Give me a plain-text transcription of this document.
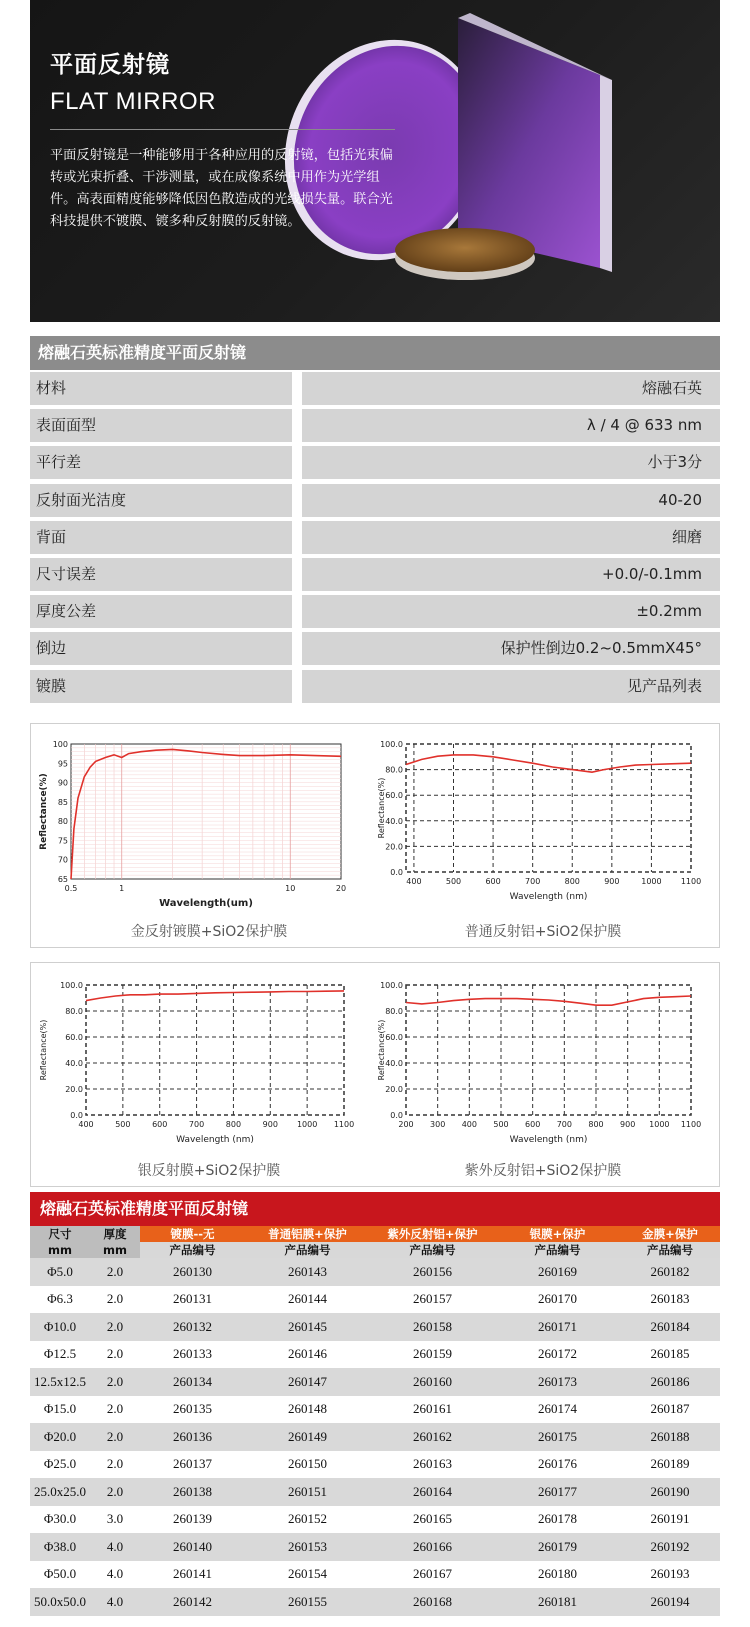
平面反射镜
FLAT MIRROR
平面反射镜是一种能够用于各种应用的反射镜，包括光束偏转或光束折叠、干涉测量，或在成像系统中用作为光学组件。高表面精度能够降低因色散造成的光线损失量。联合光科技提供不镀膜、镀多种反射膜的反射镜。
熔融石英标准精度平面反射镜
材料	熔融石英
表面面型	λ / 4 @ 633 nm
平行差	小于3分
反射面光洁度	40-20
背面	细磨
尺寸误差	+0.0/-0.1mm
厚度公差	±0.2mm
倒边	保护性倒边0.2~0.5mmX45°
镀膜	见产品列表
0.5	1	10	20
65
70
75
80
85
90
95
100
Wavelength(um)
Reflectance(%)
金反射镀膜+SiO2保护膜
400	500	600	700	800	900	1000 1100
0.0
20.0
40.0
60.0
80.0
100.0
Wavelength (nm)
Reflectance(%)
普通反射铝+SiO2保护膜
400	500	600	700	800	900 1000 1100
0.0
20.0
40.0
60.0
80.0
100.0
Wavelength (nm)
Reflectance(%)
银反射膜+SiO2保护膜
200 300 400 500 600 700 800 900 1000 1100
0.0
20.0
40.0
60.0
80.0
100.0
Wavelength (nm)
Reflectance(%)
紫外反射铝+SiO2保护膜
熔融石英标准精度平面反射镜
尺寸	厚度	镀膜--无	普通铝膜+保护	紫外反射铝+保护	银膜+保护	金膜+保护
mm	mm	产品编号	产品编号	产品编号	产品编号	产品编号
Φ5.0	2.0	260130	260143	260156	260169	260182
Φ6.3	2.0	260131	260144	260157	260170	260183
Φ10.0	2.0	260132	260145	260158	260171	260184
Φ12.5	2.0	260133	260146	260159	260172	260185
12.5x12.5	2.0	260134	260147	260160	260173	260186
Φ15.0	2.0	260135	260148	260161	260174	260187
Φ20.0	2.0	260136	260149	260162	260175	260188
Φ25.0	2.0	260137	260150	260163	260176	260189
25.0x25.0	2.0	260138	260151	260164	260177	260190
Φ30.0	3.0	260139	260152	260165	260178	260191
Φ38.0	4.0	260140	260153	260166	260179	260192
Φ50.0	4.0	260141	260154	260167	260180	260193
50.0x50.0	4.0	260142	260155	260168	260181	260194
